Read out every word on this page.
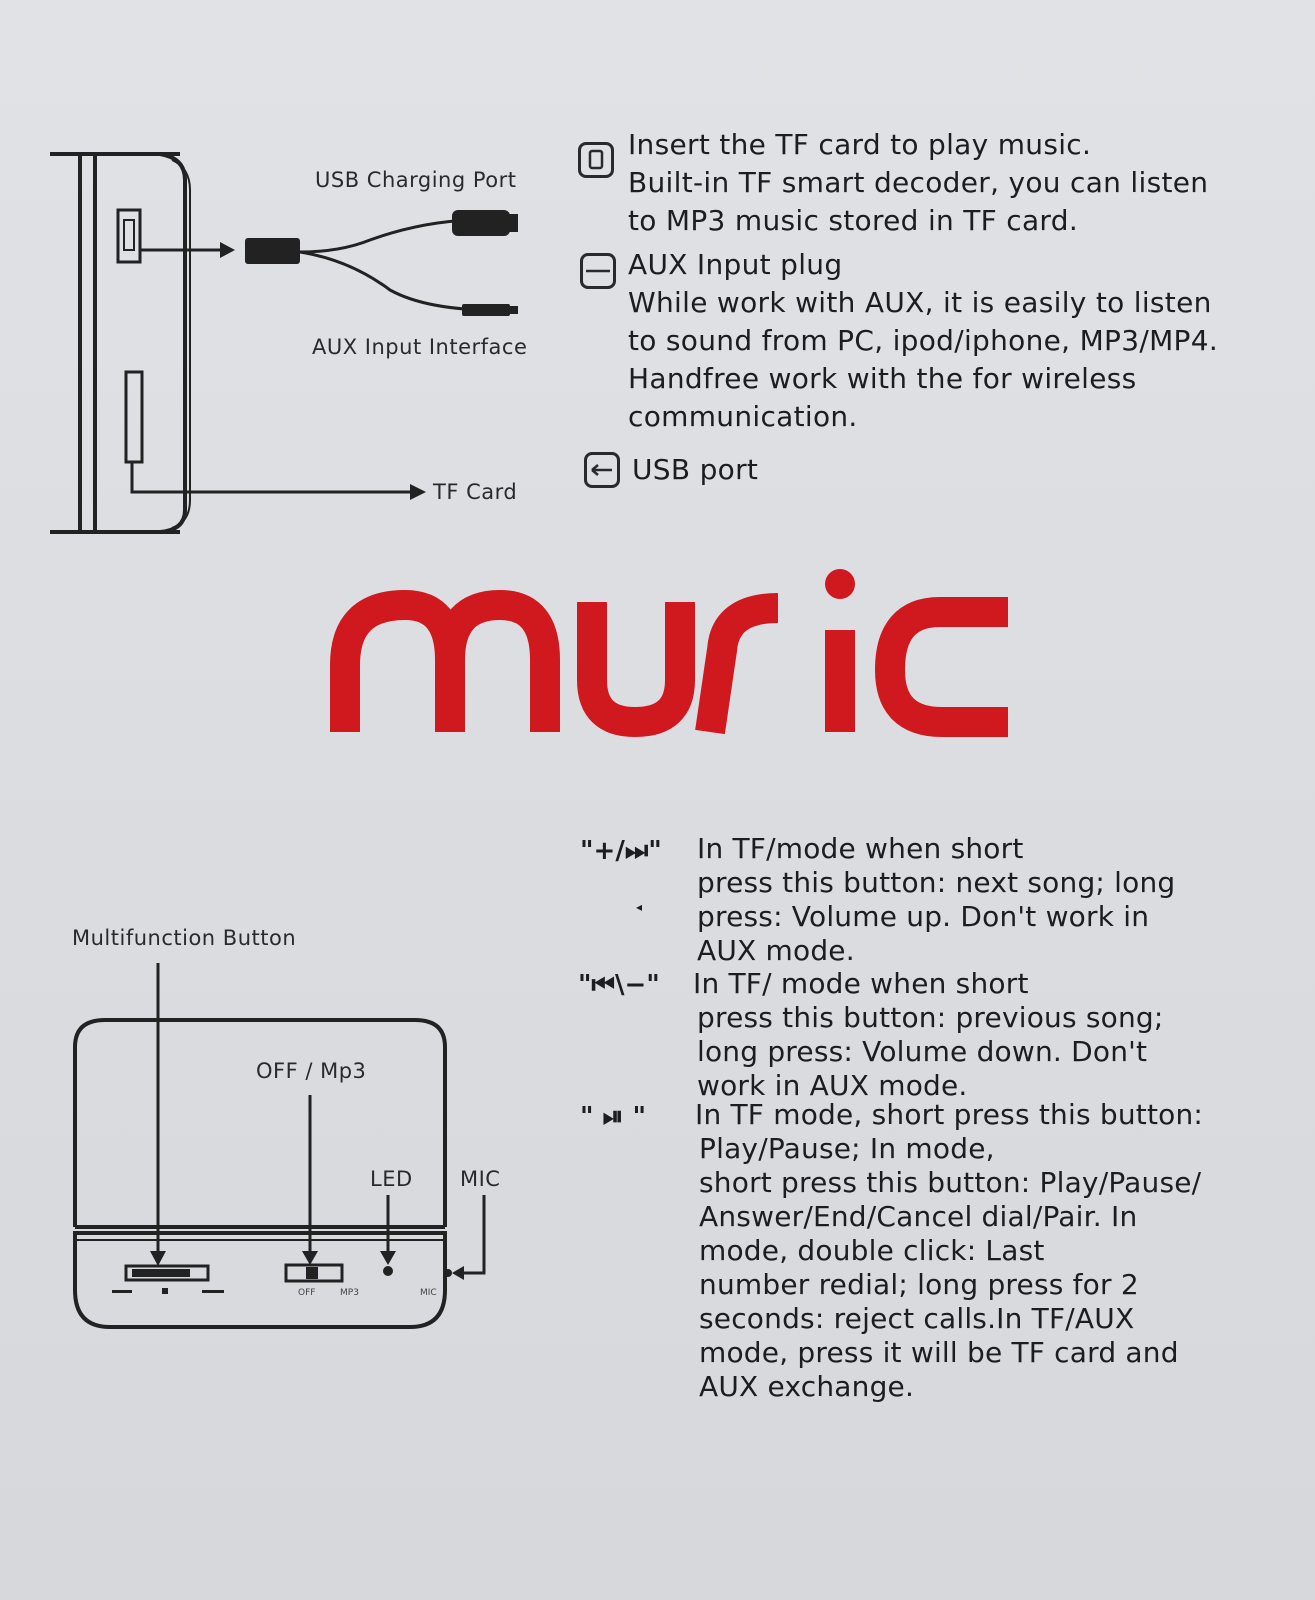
USB Charging Port
AUX Input Interface
TF Card
Insert the TF card to play music.
Built-in TF smart decoder, you can listen
to MP3 music stored in TF card.
AUX Input plug
While work with AUX, it is easily to listen
to sound from PC, ipod/iphone, MP3/MP4.
Handfree work with the for wireless
communication.
USB port
OFF	MP3	MIC
Multifunction Button
OFF / Mp3
LED MIC
"+/⏭"
◂
In TF/mode when short
press this button: next song; long
press: Volume up. Don't work in
AUX mode.
"⏮\−" In TF/ mode when short
press this button: previous song;
long press: Volume down. Don't
work in AUX mode.
" ⏯ " In TF mode, short press this button:
Play/Pause; In mode,
short press this button: Play/Pause/
Answer/End/Cancel dial/Pair. In
mode, double click: Last
number redial; long press for 2
seconds: reject calls.In TF/AUX
mode, press it will be TF card and
AUX exchange.
